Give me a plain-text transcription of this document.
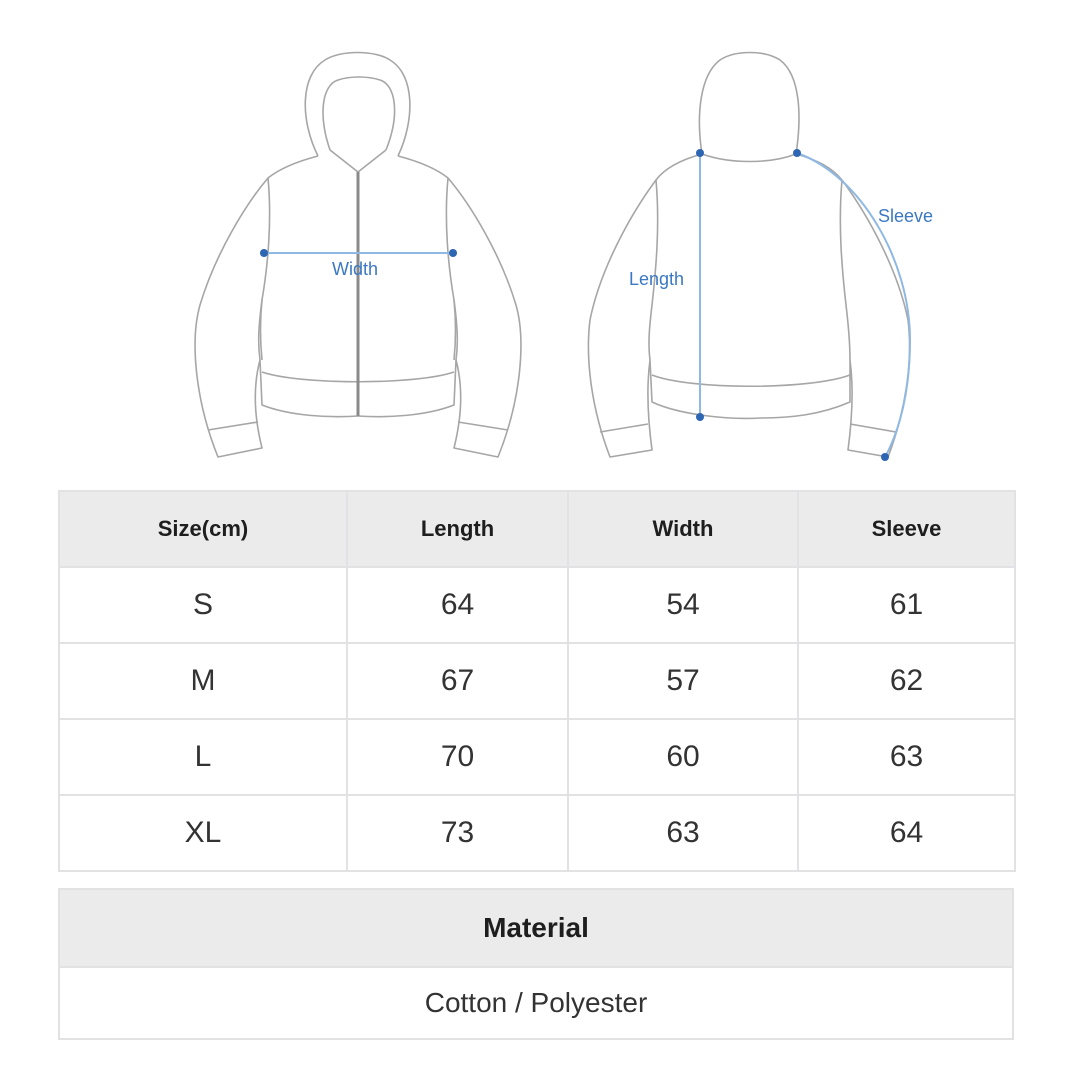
Width	Length
Sleeve
Size(cm)	Length	Width	Sleeve
S	64	54	61
M	67	57	62
L	70	60	63
XL	73	63	64
Material
Cotton / Polyester
